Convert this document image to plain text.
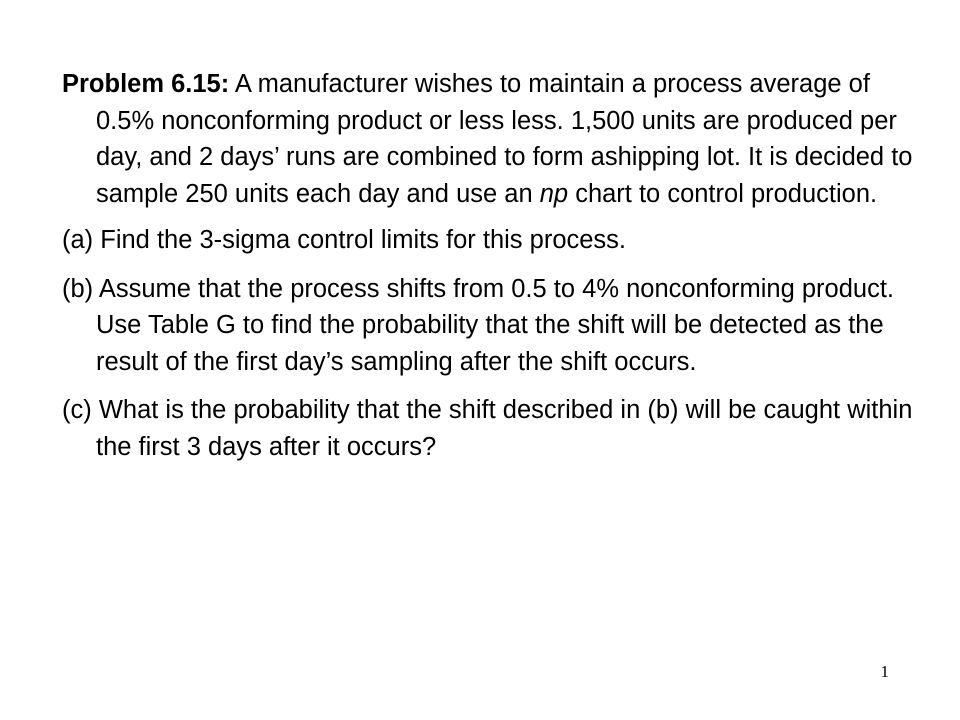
Problem 6.15: A manufacturer wishes to maintain a process average of 0.5% nonconforming product or less less. 1,500 units are produced per day, and 2 days’ runs are combined to form ashipping lot. It is decided to sample 250 units each day and use an np chart to control production.

(a) Find the 3-sigma control limits for this process.

(b) Assume that the process shifts from 0.5 to 4% nonconforming product. Use Table G to find the probability that the shift will be detected as the result of the first day’s sampling after the shift occurs.

(c) What is the probability that the shift described in (b) will be caught within the first 3 days after it occurs?

1
